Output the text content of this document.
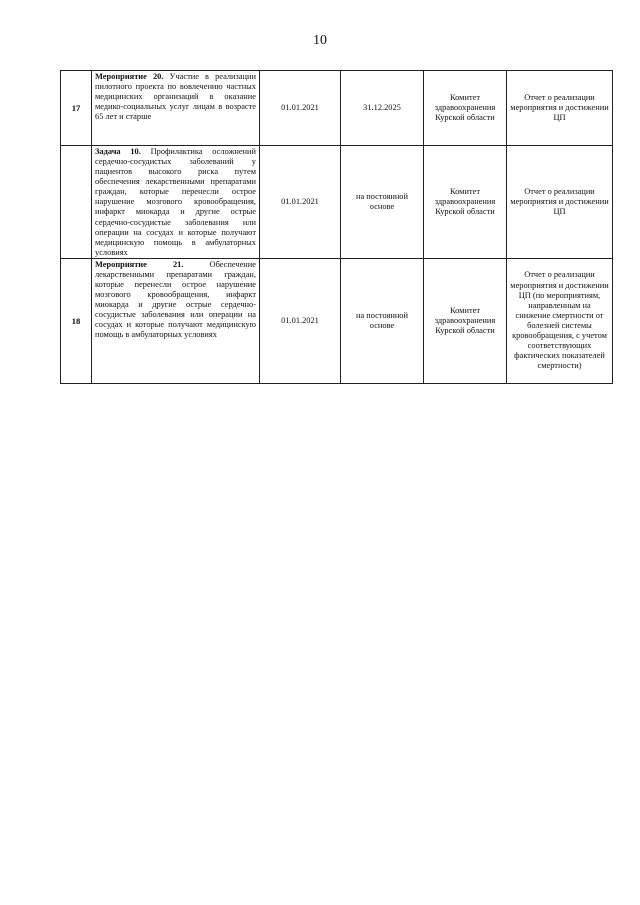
10
17	Мероприятие 20. Участие в реализации пилотного проекта по вовлечению частных медицинских организаций в оказание медико-социальных услуг лицам в возрасте 65 лет и старше	01.01.2021	31.12.2025	Комитет здравоохранения Курской области	Отчет о реализации мероприятия и достижении ЦП
	Задача 10. Профилактика осложнений сердечно-сосудистых заболеваний у пациентов высокого риска путем обеспечения лекарственными препаратами граждан, которые перенесли острое нарушение мозгового кровообращения, инфаркт миокарда и другие острые сердечно-сосудистые заболевания или операции на сосудах и которые получают медицинскую помощь в амбулаторных условиях	01.01.2021	на постоянной основе	Комитет здравоохранения Курской области	Отчет о реализации мероприятия и достижении ЦП
18	Мероприятие 21. Обеспечение лекарственными препаратами граждан, которые перенесли острое нарушение мозгового кровообращения, инфаркт миокарда и другие острые сердечно-сосудистые заболевания или операции на сосудах и которые получают медицинскую помощь в амбулаторных условиях	01.01.2021	на постоянной основе	Комитет здравоохранения Курской области	Отчет о реализации мероприятия и достижении ЦП (по мероприятиям, направленным на снижение смертности от болезней системы кровообращения, с учетом соответствующих фактических показателей смертности)
